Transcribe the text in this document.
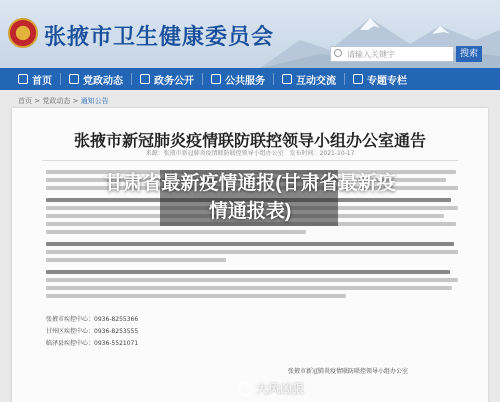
张掖市卫生健康委员会
请输入关键字	搜索
首页	党政动态	政务公开	公共服务	互动交流	专题专栏
首页 > 党政动态 > 通知公告
张掖市新冠肺炎疫情联防联控领导小组办公室通告
来源：张掖市新冠肺炎疫情联防联控领导小组办公室　发布时间：2021-10-17
张掖市疾控中心：0936-8255366
甘州区疾控中心：0936-8253555
临泽县疾控中心：0936-5521071
张掖市新冠肺炎疫情联防联控领导小组办公室
甘肃省最新疫情通报(甘肃省最新疫情通报表)
大风凶狠
